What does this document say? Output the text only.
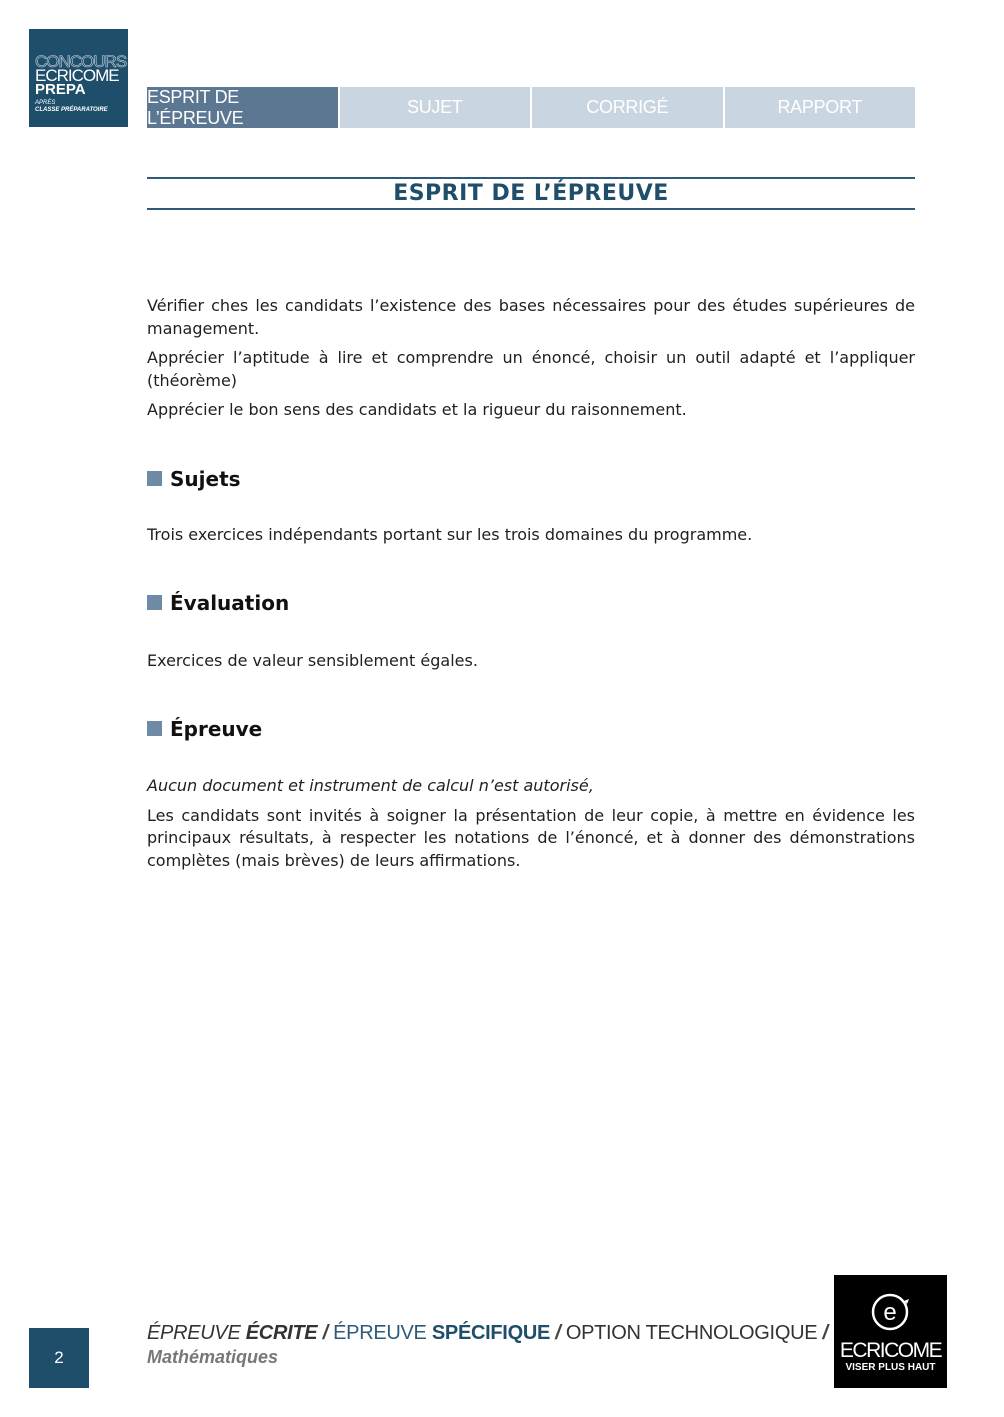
CONCOURS
ECRICOME
PREPA
APRÈS
CLASSE PRÉPARATOIRE
ESPRIT DE L’ÉPREUVE
SUJET	CORRIGÉ	RAPPORT
ESPRIT DE L’ÉPREUVE

Vérifier ches les candidats l’existence des bases nécessaires pour des études supérieures de management.

Apprécier l’aptitude à lire et comprendre un énoncé, choisir un outil adapté et l’appliquer (théorème)

Apprécier le bon sens des candidats et la rigueur du raisonnement.

Sujets

Trois exercices indépendants portant sur les trois domaines du programme.

Évaluation

Exercices de valeur sensiblement égales.

Épreuve

Aucun document et instrument de calcul n’est autorisé,

Les candidats sont invités à soigner la présentation de leur copie, à mettre en évidence les principaux résultats, à respecter les notations de l’énoncé, et à donner des démonstrations complètes (mais brèves) de leurs affirmations.

2
ÉPREUVE ÉCRITE / ÉPREUVE SPÉCIFIQUE / OPTION TECHNOLOGIQUE /
Mathématiques
e
ECRICOME
VISER PLUS HAUT
